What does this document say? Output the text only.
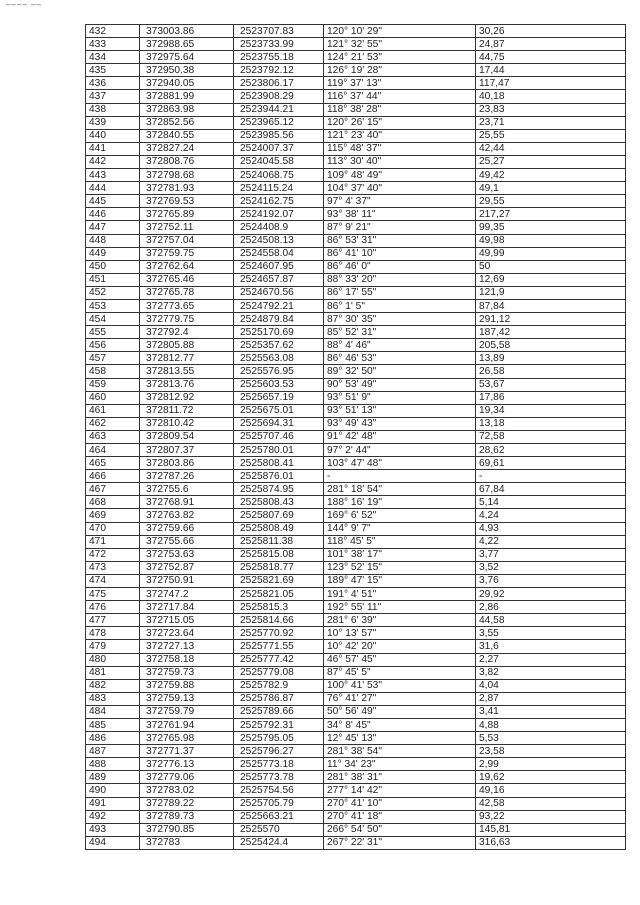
–––– ––
432	373003.86	2523707.83	120° 10' 29"	30,26
433	372988.65	2523733.99	121° 32' 55"	24,87
434	372975.64	2523755.18	124° 21' 53"	44,75
435	372950.38	2523792.12	126° 19' 28"	17,44
436	372940.05	2523806.17	119° 37' 13"	117,47
437	372881.99	2523908.29	116° 37' 44"	40,18
438	372863.98	2523944.21	118° 38' 28"	23,83
439	372852.56	2523965.12	120° 26' 15"	23,71
440	372840.55	2523985.56	121° 23' 40"	25,55
441	372827.24	2524007.37	115° 48' 37"	42,44
442	372808.76	2524045.58	113° 30' 40"	25,27
443	372798.68	2524068.75	109° 48' 49"	49,42
444	372781.93	2524115.24	104° 37' 40"	49,1
445	372769.53	2524162.75	97° 4' 37"	29,55
446	372765.89	2524192.07	93° 38' 11"	217,27
447	372752.11	2524408.9	87° 9' 21"	99,35
448	372757.04	2524508.13	86° 53' 31"	49,98
449	372759.75	2524558.04	86° 41' 10"	49,99
450	372762.64	2524607.95	86° 46' 0"	50
451	372765.46	2524657.87	88° 33' 20"	12,69
452	372765.78	2524670.56	86° 17' 55"	121,9
453	372773.65	2524792.21	86° 1' 5"	87,84
454	372779.75	2524879.84	87° 30' 35"	291,12
455	372792.4	2525170.69	85° 52' 31"	187,42
456	372805.88	2525357.62	88° 4' 46"	205,58
457	372812.77	2525563.08	86° 46' 53"	13,89
458	372813.55	2525576.95	89° 32' 50"	26,58
459	372813.76	2525603.53	90° 53' 49"	53,67
460	372812.92	2525657.19	93° 51' 9"	17,86
461	372811.72	2525675.01	93° 51' 13"	19,34
462	372810.42	2525694.31	93° 49' 43"	13,18
463	372809.54	2525707.46	91° 42' 48"	72,58
464	372807.37	2525780.01	97° 2' 44"	28,62
465	372803.86	2525808.41	103° 47' 48"	69,61
466	372787.26	2525876.01	-	-
467	372755.6	2525874.95	281° 18' 54"	67,84
468	372768.91	2525808.43	188° 16' 19"	5,14
469	372763.82	2525807.69	169° 6' 52"	4,24
470	372759.66	2525808.49	144° 9' 7"	4,93
471	372755.66	2525811.38	118° 45' 5"	4,22
472	372753.63	2525815.08	101° 38' 17"	3,77
473	372752.87	2525818.77	123° 52' 15"	3,52
474	372750.91	2525821.69	189° 47' 15"	3,76
475	372747.2	2525821.05	191° 4' 51"	29,92
476	372717.84	2525815.3	192° 55' 11"	2,86
477	372715.05	2525814.66	281° 6' 39"	44,58
478	372723.64	2525770.92	10° 13' 57"	3,55
479	372727.13	2525771.55	10° 42' 20"	31,6
480	372758.18	2525777.42	46° 57' 45"	2,27
481	372759.73	2525779.08	87° 45' 5"	3,82
482	372759.88	2525782.9	100° 41' 53"	4,04
483	372759.13	2525786.87	76° 41' 27"	2,87
484	372759.79	2525789.66	50° 56' 49"	3,41
485	372761.94	2525792.31	34° 8' 45"	4,88
486	372765.98	2525795.05	12° 45' 13"	5,53
487	372771.37	2525796.27	281° 38' 54"	23,58
488	372776.13	2525773.18	11° 34' 23"	2,99
489	372779.06	2525773.78	281° 38' 31"	19,62
490	372783.02	2525754.56	277° 14' 42"	49,16
491	372789.22	2525705.79	270° 41' 10"	42,58
492	372789.73	2525663.21	270° 41' 18"	93,22
493	372790.85	2525570	266° 54' 50"	145,81
494	372783	2525424.4	267° 22' 31"	316,63
